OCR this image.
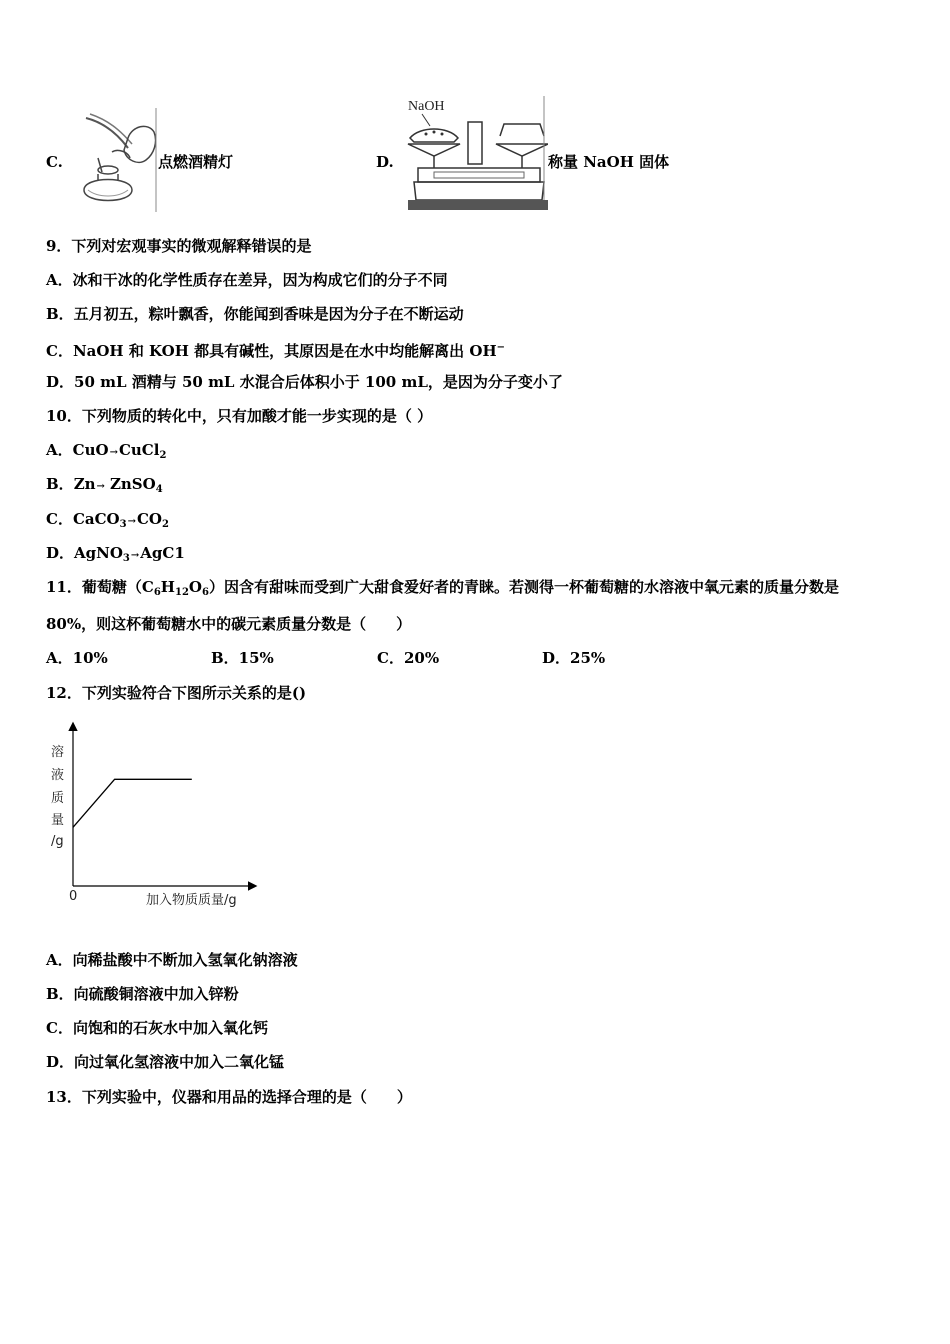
C.	点燃酒精灯	D.
NaOH
称量 NaOH 固体
9．下列对宏观事实的微观解释错误的是
A．冰和干冰的化学性质存在差异，因为构成它们的分子不同
B．五月初五，粽叶飘香，你能闻到香味是因为分子在不断运动
C．NaOH 和 KOH 都具有碱性，其原因是在水中均能解离出 OH−
D．50 mL 酒精与 50 mL 水混合后体积小于 100 mL，是因为分子变小了
10．下列物质的转化中，只有加酸才能一步实现的是（ ）
A．CuO→CuCl$_2$
B．Zn→ ZnSO$_4$
C．$CaCO_3\to CO_2$
D．AgNO$_3$→AgC1
11．葡萄糖$(C_6H_{12}O_6)$因含有甜味而受到广大甜食爱好者的青睐。若测得一杯葡萄糖的水溶液中氧元素的质量分数是
80%，则这杯葡萄糖水中的碳元素质量分数是（　　）
A．10%	B．15%	C．20%	D．25%
12．下列实验符合下图所示关系的是()
溶
液
质
量
/g
0	加入物质质量/g
A．向稀盐酸中不断加入氢氧化钠溶液
B．向硫酸铜溶液中加入锌粉
C．向饱和的石灰水中加入氧化钙
D．向过氧化氢溶液中加入二氧化锰
13．下列实验中，仪器和用品的选择合理的是（　　）
